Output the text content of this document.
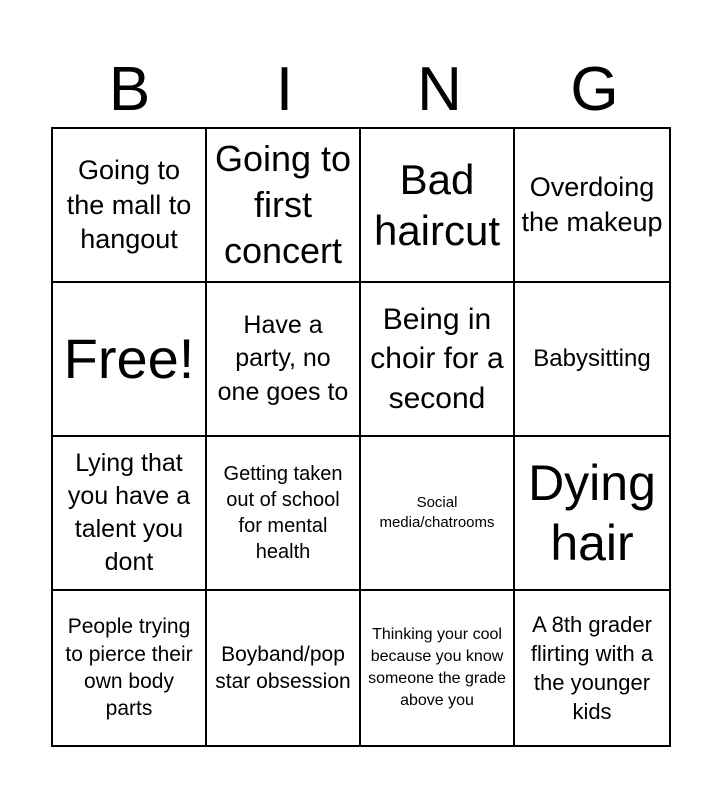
B	I	N	G
Going to the mall to hangout
Going to first concert
Bad haircut
Overdoing the makeup
Free!
Have a party, no one goes to
Being in choir for a second
Babysitting
Lying that you have a talent you dont
Getting taken out of school for mental health
Social media/chatrooms
Dying hair
People trying to pierce their own body parts
Boyband/pop star obsession
Thinking your cool because you know someone the grade above you
A 8th grader flirting with a the younger kids
